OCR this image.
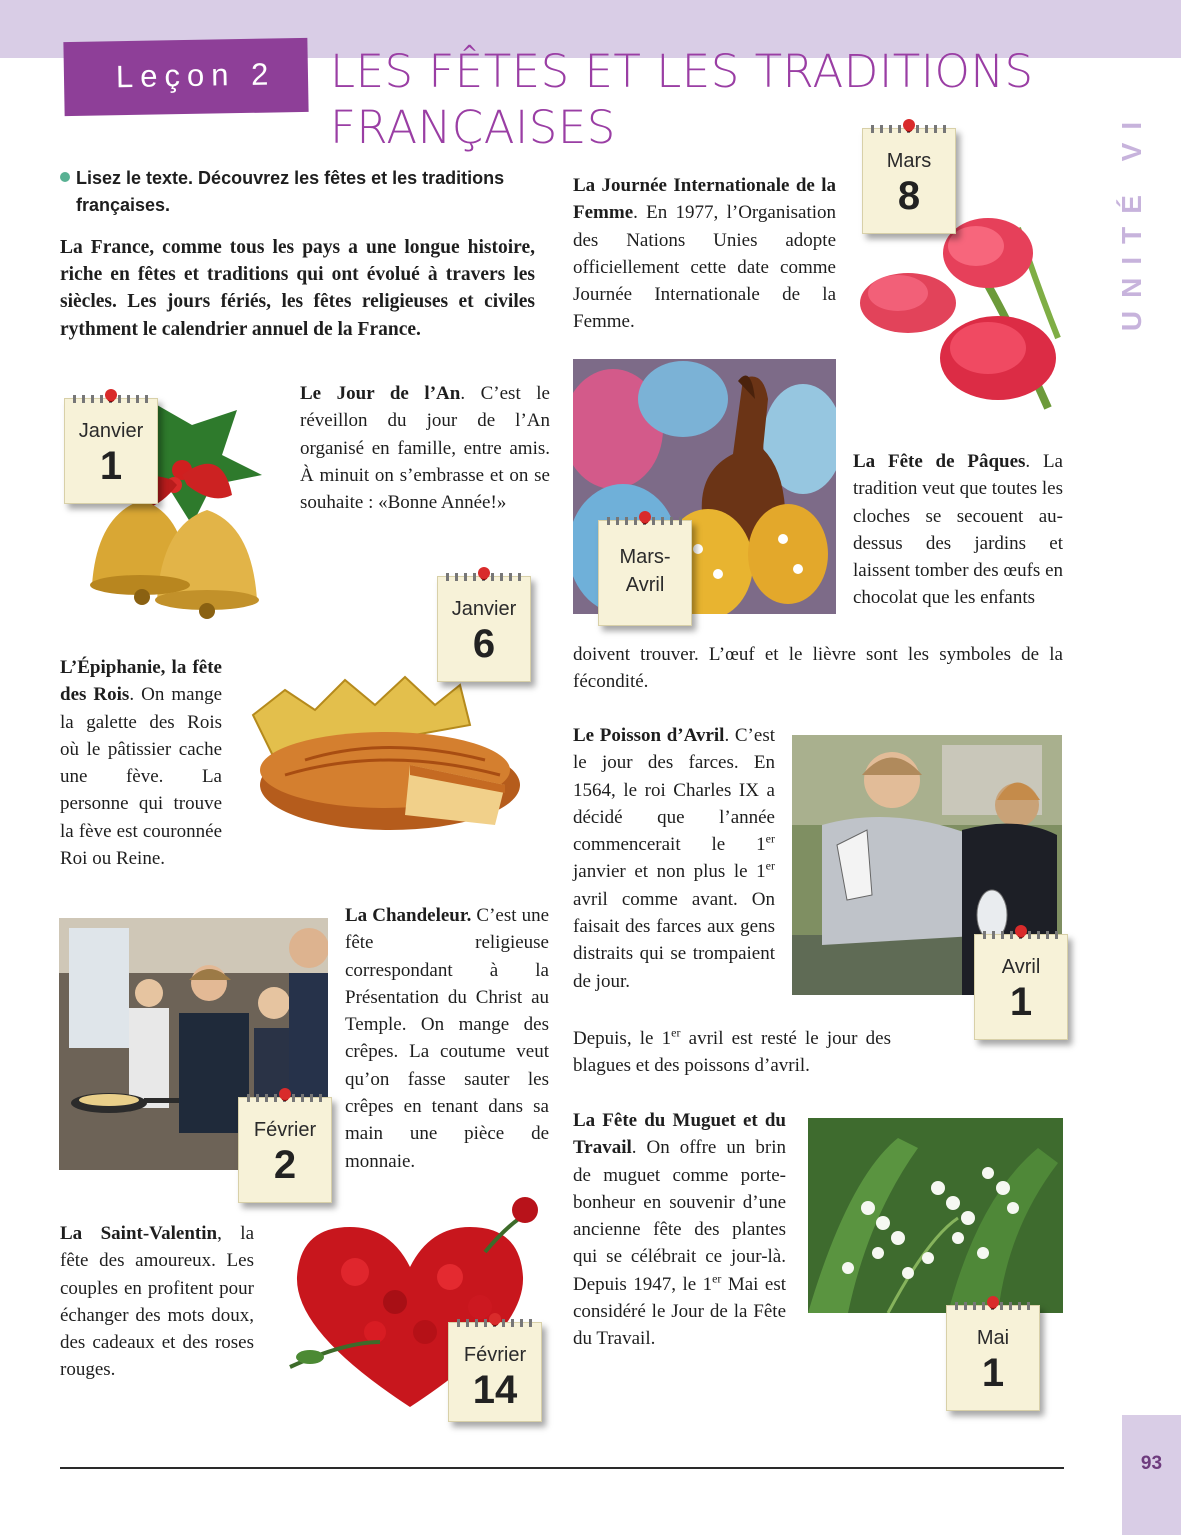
Leçon 2 LES FÊTES ET LES TRADITIONS
FRANÇAISES	UNITÉ VI
Lisez le texte. Découvrez les fêtes et les traditions françaises.
La France, comme tous les pays a une longue histoire, riche en fêtes et traditions qui ont évolué à travers les siècles. Les jours fériés, les fêtes religieuses et civiles rythment le calendrier annuel de la France.
Janvier
1
Le Jour de l’An. C’est le réveillon du jour de l’An organisé en famille, entre amis. À minuit on s’embrasse et on se souhaite : «Bonne Année!»
Janvier
6
L’Épiphanie, la fête des Rois. On mange la galette des Rois où le pâtissier cache une fève. La personne qui trouve la fève est couronnée Roi ou Reine.
Février
2
La Chandeleur. C’est une fête religieuse correspondant à la Présentation du Christ au Temple. On mange des crêpes. La coutume veut qu’on fasse sauter les crêpes en tenant dans sa main une pièce de monnaie.
Février
14
La Saint-Valentin, la fête des amoureux. Les couples en profitent pour échanger des mots doux, des cadeaux et des roses rouges.
Mars
8
La Journée Internationale de la Femme. En 1977, l’Organisation des Nations Unies adopte officiellement cette date comme Journée Internationale de la Femme.
Mars-
Avril
La Fête de Pâques. La tradition veut que toutes les cloches se secouent au-dessus des jardins et laissent tomber des œufs en chocolat que les enfants
doivent trouver. L’œuf et le lièvre sont les symboles de la fécondité.
Avril
1
Le Poisson d’Avril. C’est le jour des farces. En 1564, le roi Charles IX a décidé que l’année commencerait le 1er janvier et non plus le 1er avril comme avant. On faisait des farces aux gens distraits qui se trompaient de jour.
Depuis, le 1er avril est resté le jour des blagues et des poissons d’avril.
Mai
1
La Fête du Muguet et du Travail. On offre un brin de muguet comme porte-bonheur en souvenir d’une ancienne fête des plantes qui se célébrait ce jour-là. Depuis 1947, le 1er Mai est considéré le Jour de la Fête du Travail.
93
